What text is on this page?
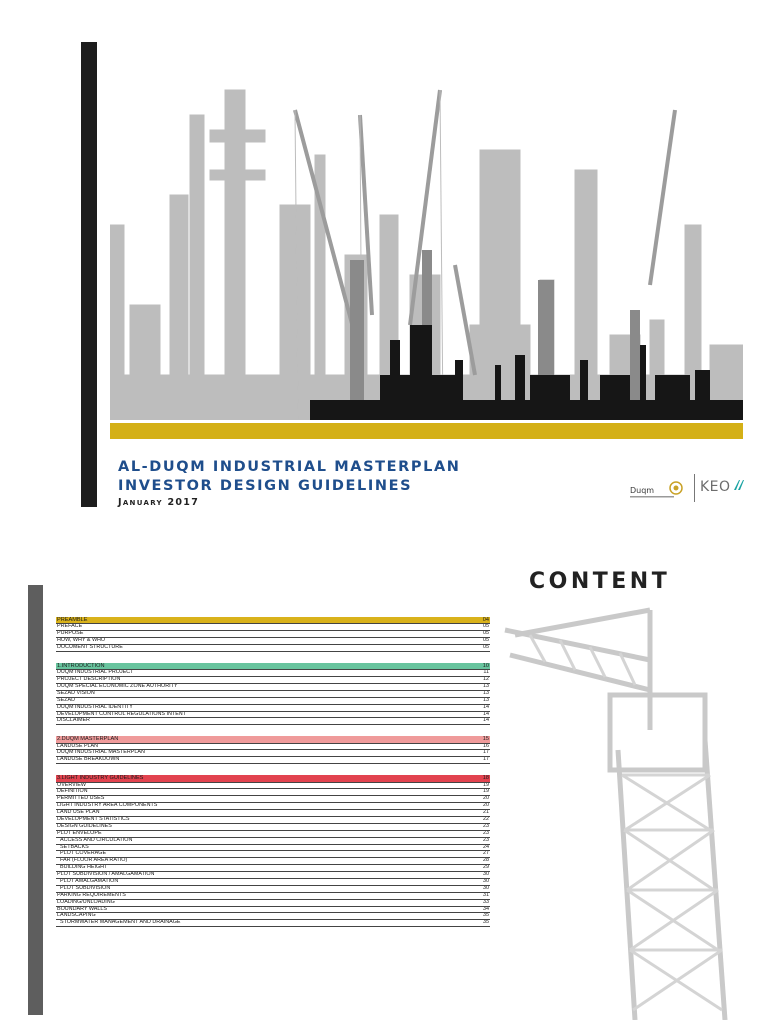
AL-DUQM INDUSTRIAL MASTERPLAN
INVESTOR DESIGN GUIDELINES
January 2017
Duqm	KEO
CONTENT
PREAMBLE	04
PREFACE	05
PURPOSE	05
HOW, WHY & WHO	05
DOCUMENT STRUCTURE	05
1.INTRODUCTION	10
DUQM INDUSTRIAL PROJECT	11
PROJECT DESCRIPTION	12
DUQM SPECIAL ECONOMIC ZONE AUTHORITY	13
SEZAD VISION	13
SEZAD	13
DUQM INDUSTRIAL IDENTITY	14
DEVELOPMENT CONTROL REGULATIONS INTENT	14
DISCLAIMER	14
2.DUQM MASTERPLAN	15
LANDUSE PLAN	16
DUQM INDUSTRIAL MASTERPLAN	17
LANDUSE BREAKDOWN	17
3.LIGHT INDUSTRY GUIDELINES	18
OVERVIEW	19
DEFINITION	19
PERMITTED USES	20
LIGHT INDUSTRY AREA COMPONENTS	20
LAND USE PLAN	21
DEVELOPMENT STATISTICS	22
DESIGN GUIDELINES	23
PLOT ENVELOPE	23
ACCESS AND CIRCULATION	23
SETBACKS	24
PLOT COVERAGE	27
FAR (FLOOR AREA RATIO)	28
BUILDING HEIGHT	29
PLOT SUBDIVISION / AMALGAMATION	30
PLOT AMALGAMATION	30
PLOT SUBDIVISION	30
PARKING REQUIREMENTS	31
LOADING/UNLOADING	33
BOUNDARY WALLS	34
LANDSCAPING	35
STORMWATER MANAGEMENT AND DRAINAGE	35
